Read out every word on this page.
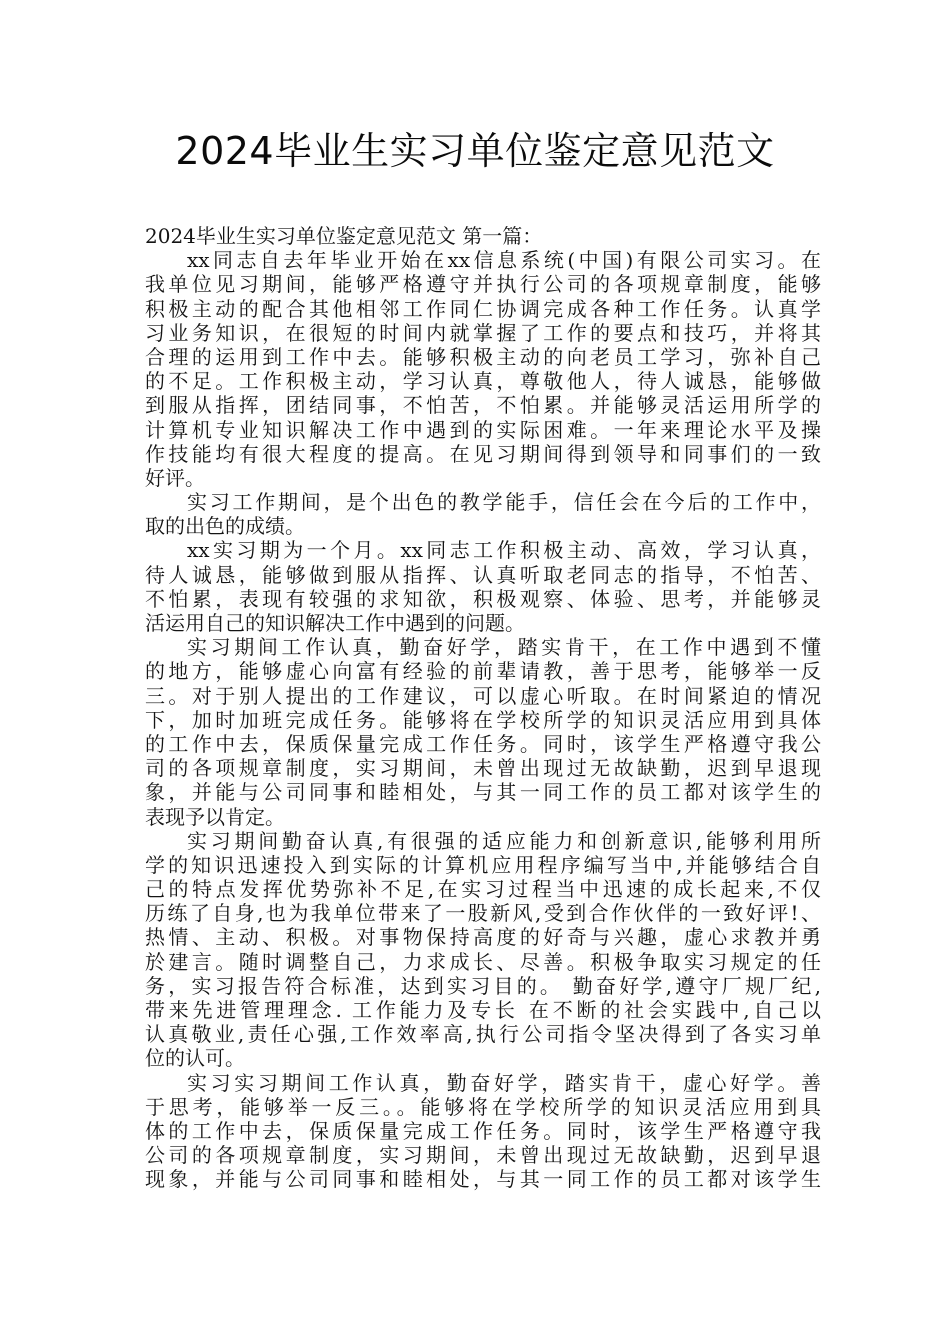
2024毕业生实习单位鉴定意见范文
2024毕业生实习单位鉴定意见范文 第一篇：
xx同志自去年毕业开始在xx信息系统(中国)有限公司实习。在
我单位见习期间，能够严格遵守并执行公司的各项规章制度，能够
积极主动的配合其他相邻工作同仁协调完成各种工作任务。认真学
习业务知识，在很短的时间内就掌握了工作的要点和技巧，并将其
合理的运用到工作中去。能够积极主动的向老员工学习，弥补自己
的不足。工作积极主动，学习认真，尊敬他人，待人诚恳，能够做
到服从指挥，团结同事，不怕苦，不怕累。并能够灵活运用所学的
计算机专业知识解决工作中遇到的实际困难。一年来理论水平及操
作技能均有很大程度的提高。在见习期间得到领导和同事们的一致
好评。
实习工作期间，是个出色的教学能手，信任会在今后的工作中，
取的出色的成绩。
xx实习期为一个月。xx同志工作积极主动、高效，学习认真，
待人诚恳，能够做到服从指挥、认真听取老同志的指导，不怕苦、
不怕累，表现有较强的求知欲，积极观察、体验、思考，并能够灵
活运用自己的知识解决工作中遇到的问题。
实习期间工作认真，勤奋好学，踏实肯干，在工作中遇到不懂
的地方，能够虚心向富有经验的前辈请教，善于思考，能够举一反
三。对于别人提出的工作建议，可以虚心听取。在时间紧迫的情况
下，加时加班完成任务。能够将在学校所学的知识灵活应用到具体
的工作中去，保质保量完成工作任务。同时，该学生严格遵守我公
司的各项规章制度，实习期间，未曾出现过无故缺勤，迟到早退现
象，并能与公司同事和睦相处，与其一同工作的员工都对该学生的
表现予以肯定。
实习期间勤奋认真,有很强的适应能力和创新意识,能够利用所
学的知识迅速投入到实际的计算机应用程序编写当中,并能够结合自
己的特点发挥优势弥补不足,在实习过程当中迅速的成长起来,不仅
历练了自身,也为我单位带来了一股新风,受到合作伙伴的一致好评!、
热情、主动、积极。对事物保持高度的好奇与兴趣，虚心求教并勇
於建言。随时调整自己，力求成长、尽善。积极争取实习规定的任
务，实习报告符合标准，达到实习目的。 勤奋好学,遵守厂规厂纪,
带来先进管理理念. 工作能力及专长 在不断的社会实践中,自己以
认真敬业,责任心强,工作效率高,执行公司指令坚决得到了各实习单
位的认可。
实习实习期间工作认真，勤奋好学，踏实肯干，虚心好学。善
于思考，能够举一反三。。能够将在学校所学的知识灵活应用到具
体的工作中去，保质保量完成工作任务。同时，该学生严格遵守我
公司的各项规章制度，实习期间，未曾出现过无故缺勤，迟到早退
现象，并能与公司同事和睦相处，与其一同工作的员工都对该学生
